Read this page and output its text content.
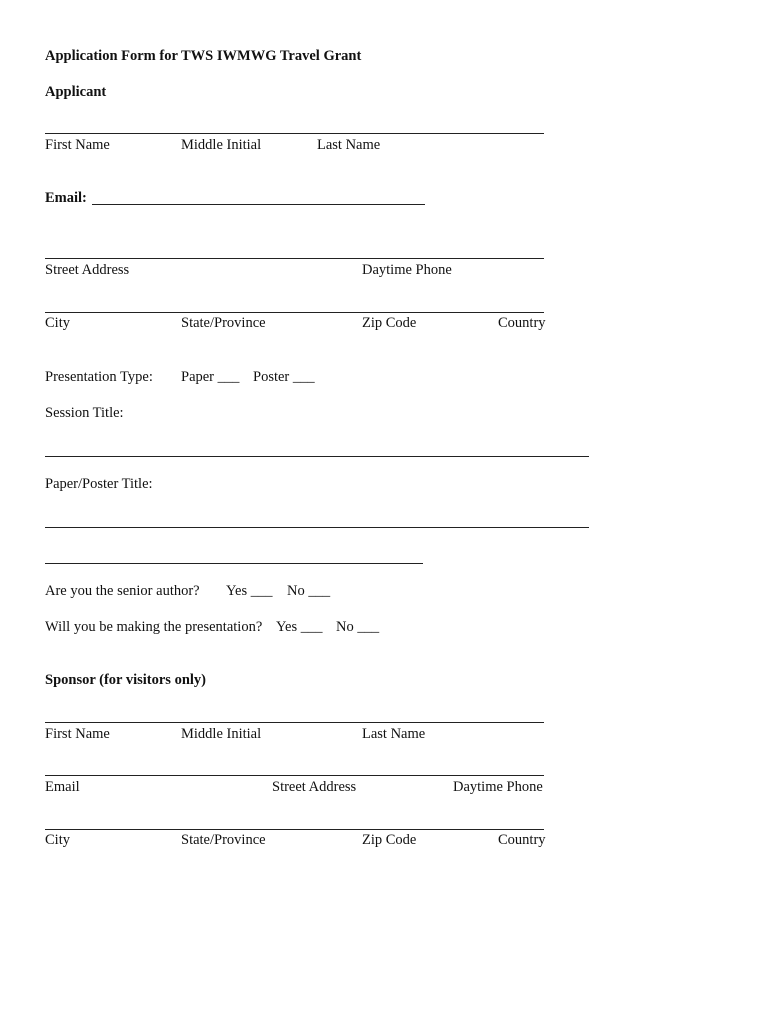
Application Form for TWS IWMWG Travel Grant
Applicant
First Name	Middle Initial	Last Name
Email:
Street Address	Daytime Phone
City	State/Province	Zip Code	Country
Presentation Type: Paper ___ Poster ___
Session Title:
Paper/Poster Title:
Are you the senior author? Yes ___ No ___
Will you be making the presentation? Yes ___ No ___
Sponsor (for visitors only)
First Name	Middle Initial	Last Name
Email	Street Address	Daytime Phone
City	State/Province	Zip Code	Country
